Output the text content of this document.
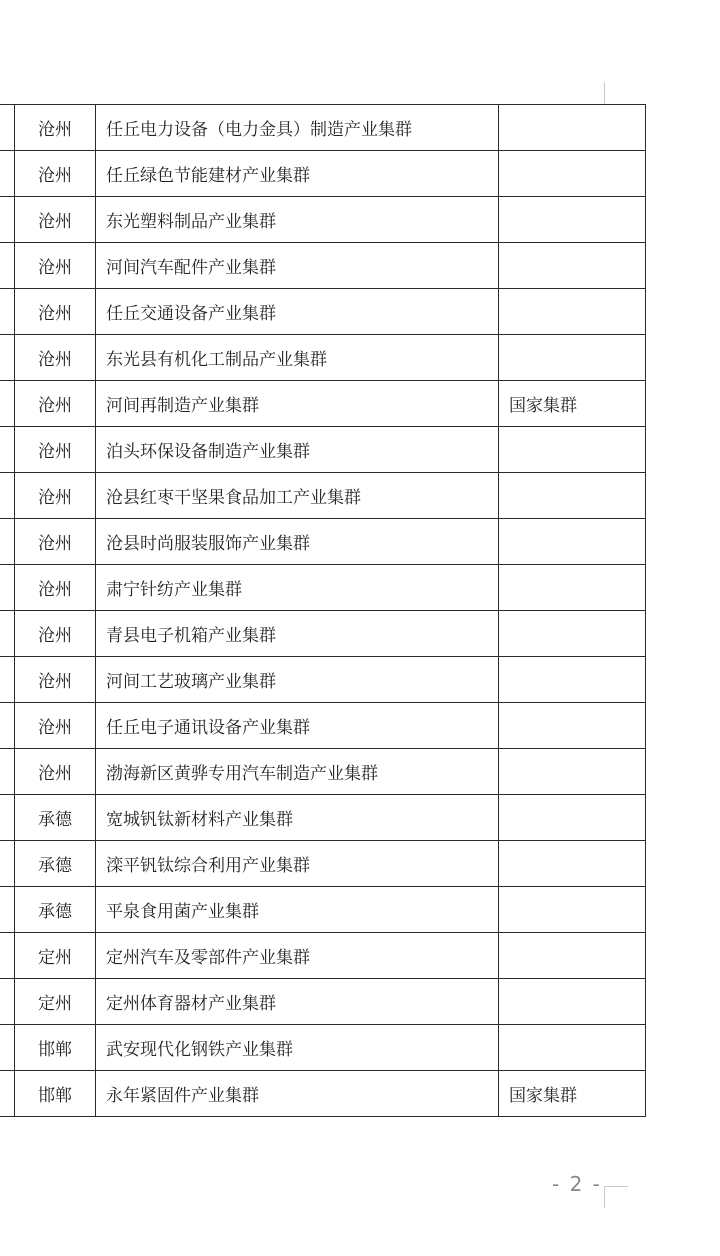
	沧州	任丘电力设备（电力金具）制造产业集群	
	沧州	任丘绿色节能建材产业集群	
	沧州	东光塑料制品产业集群	
	沧州	河间汽车配件产业集群	
	沧州	任丘交通设备产业集群	
	沧州	东光县有机化工制品产业集群	
	沧州	河间再制造产业集群	国家集群
	沧州	泊头环保设备制造产业集群	
	沧州	沧县红枣干坚果食品加工产业集群	
	沧州	沧县时尚服装服饰产业集群	
	沧州	肃宁针纺产业集群	
	沧州	青县电子机箱产业集群	
	沧州	河间工艺玻璃产业集群	
	沧州	任丘电子通讯设备产业集群	
	沧州	渤海新区黄骅专用汽车制造产业集群	
	承德	宽城钒钛新材料产业集群	
	承德	滦平钒钛综合利用产业集群	
	承德	平泉食用菌产业集群	
	定州	定州汽车及零部件产业集群	
	定州	定州体育器材产业集群	
	邯郸	武安现代化钢铁产业集群	
	邯郸	永年紧固件产业集群	国家集群
- 2 -
